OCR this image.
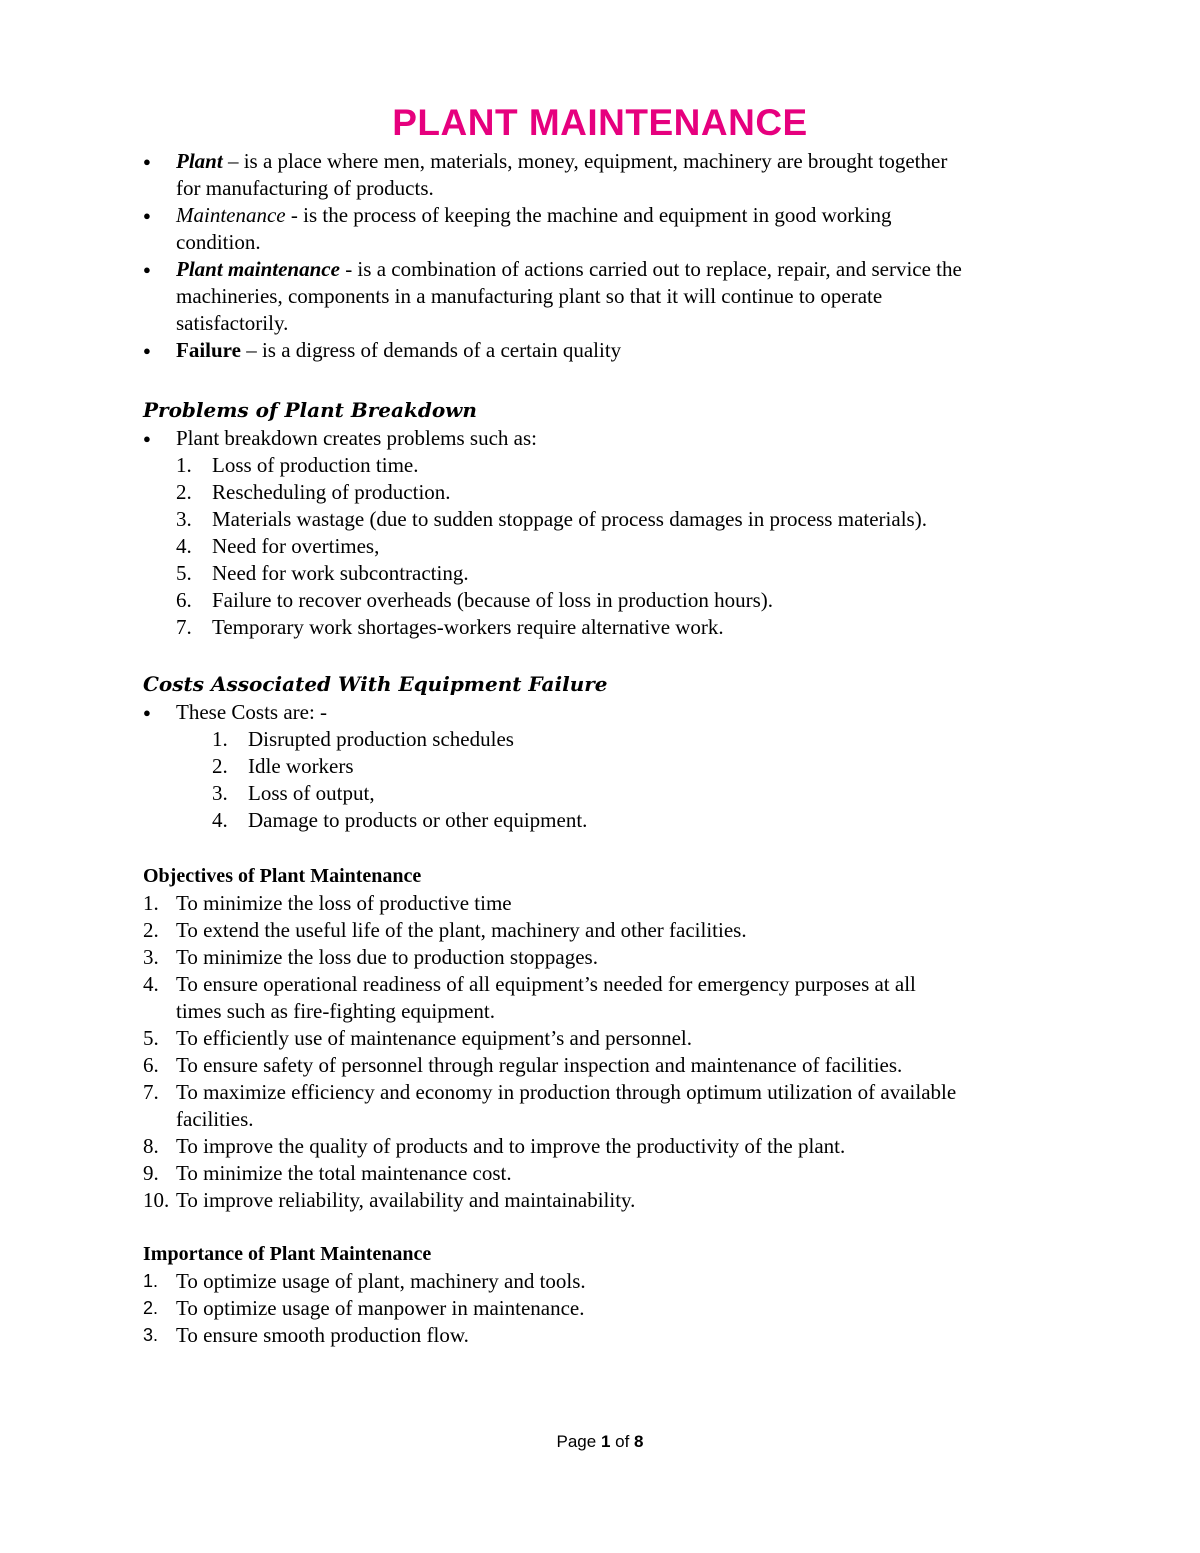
PLANT MAINTENANCE
● Plant – is a place where men, materials, money, equipment, machinery are brought together
for manufacturing of products.
● Maintenance - is the process of keeping the machine and equipment in good working
condition.
● Plant maintenance - is a combination of actions carried out to replace, repair, and service the
machineries, components in a manufacturing plant so that it will continue to operate
satisfactorily.
● Failure – is a digress of demands of a certain quality
Problems of Plant Breakdown
● Plant breakdown creates problems such as:
1. Loss of production time.
2. Rescheduling of production.
3. Materials wastage (due to sudden stoppage of process damages in process materials).
4. Need for overtimes,
5. Need for work subcontracting.
6. Failure to recover overheads (because of loss in production hours).
7. Temporary work shortages-workers require alternative work.
Costs Associated With Equipment Failure
● These Costs are: -
1. Disrupted production schedules
2. Idle workers
3. Loss of output,
4. Damage to products or other equipment.
Objectives of Plant Maintenance
1. To minimize the loss of productive time
2. To extend the useful life of the plant, machinery and other facilities.
3. To minimize the loss due to production stoppages.
4. To ensure operational readiness of all equipment’s needed for emergency purposes at all
times such as fire-fighting equipment.
5. To efficiently use of maintenance equipment’s and personnel.
6. To ensure safety of personnel through regular inspection and maintenance of facilities.
7. To maximize efficiency and economy in production through optimum utilization of available
facilities.
8. To improve the quality of products and to improve the productivity of the plant.
9. To minimize the total maintenance cost.
10. To improve reliability, availability and maintainability.
Importance of Plant Maintenance
1. To optimize usage of plant, machinery and tools.
2. To optimize usage of manpower in maintenance.
3. To ensure smooth production flow.
Page 1 of 8
